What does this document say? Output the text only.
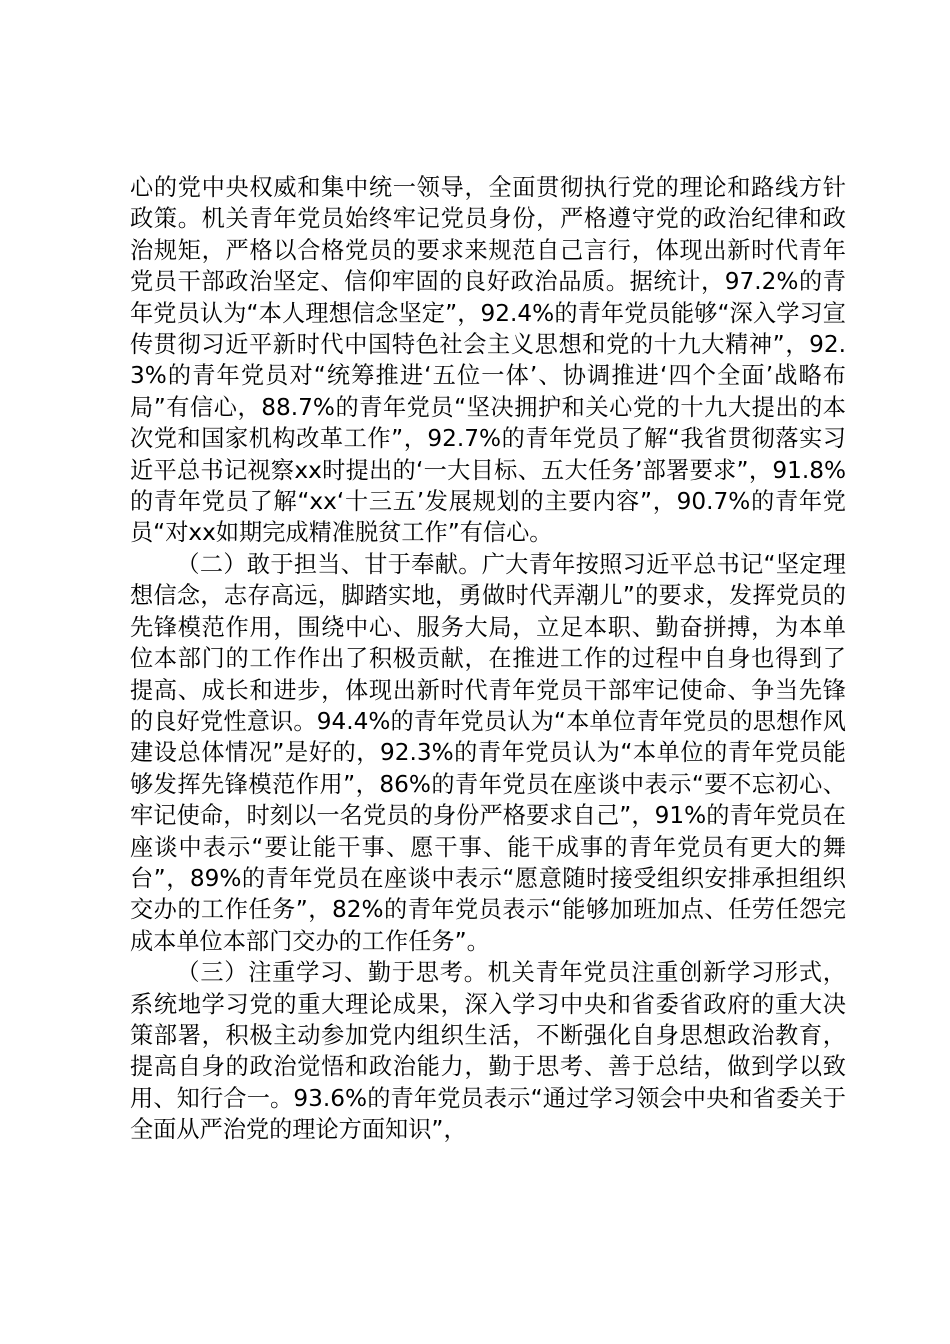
心的党中央权威和集中统一领导，全面贯彻执行党的理论和路线方针政策。机关青年党员始终牢记党员身份，严格遵守党的政治纪律和政治规矩，严格以合格党员的要求来规范自己言行，体现出新时代青年党员干部政治坚定、信仰牢固的良好政治品质。据统计，97.2%的青年党员认为“本人理想信念坚定”，92.4%的青年党员能够“深入学习宣传贯彻习近平新时代中国特色社会主义思想和党的十九大精神”，92.3%的青年党员对“统筹推进‘五位一体’、协调推进‘四个全面’战略布局”有信心，88.7%的青年党员“坚决拥护和关心党的十九大提出的本次党和国家机构改革工作”，92.7%的青年党员了解“我省贯彻落实习近平总书记视察xx时提出的‘一大目标、五大任务’部署要求”，91.8%的青年党员了解“xx‘十三五’发展规划的主要内容”，90.7%的青年党员“对xx如期完成精准脱贫工作”有信心。

（二）敢于担当、甘于奉献。广大青年按照习近平总书记“坚定理想信念，志存高远，脚踏实地，勇做时代弄潮儿”的要求，发挥党员的先锋模范作用，围绕中心、服务大局，立足本职、勤奋拼搏，为本单位本部门的工作作出了积极贡献，在推进工作的过程中自身也得到了提高、成长和进步，体现出新时代青年党员干部牢记使命、争当先锋的良好党性意识。94.4%的青年党员认为“本单位青年党员的思想作风建设总体情况”是好的，92.3%的青年党员认为“本单位的青年党员能够发挥先锋模范作用”，86%的青年党员在座谈中表示“要不忘初心、牢记使命，时刻以一名党员的身份严格要求自己”，91%的青年党员在座谈中表示“要让能干事、愿干事、能干成事的青年党员有更大的舞台”，89%的青年党员在座谈中表示“愿意随时接受组织安排承担组织交办的工作任务”，82%的青年党员表示“能够加班加点、任劳任怨完成本单位本部门交办的工作任务”。

（三）注重学习、勤于思考。机关青年党员注重创新学习形式，系统地学习党的重大理论成果，深入学习中央和省委省政府的重大决策部署，积极主动参加党内组织生活，不断强化自身思想政治教育，提高自身的政治觉悟和政治能力，勤于思考、善于总结，做到学以致用、知行合一。93.6%的青年党员表示“通过学习领会中央和省委关于全面从严治党的理论方面知识”，
